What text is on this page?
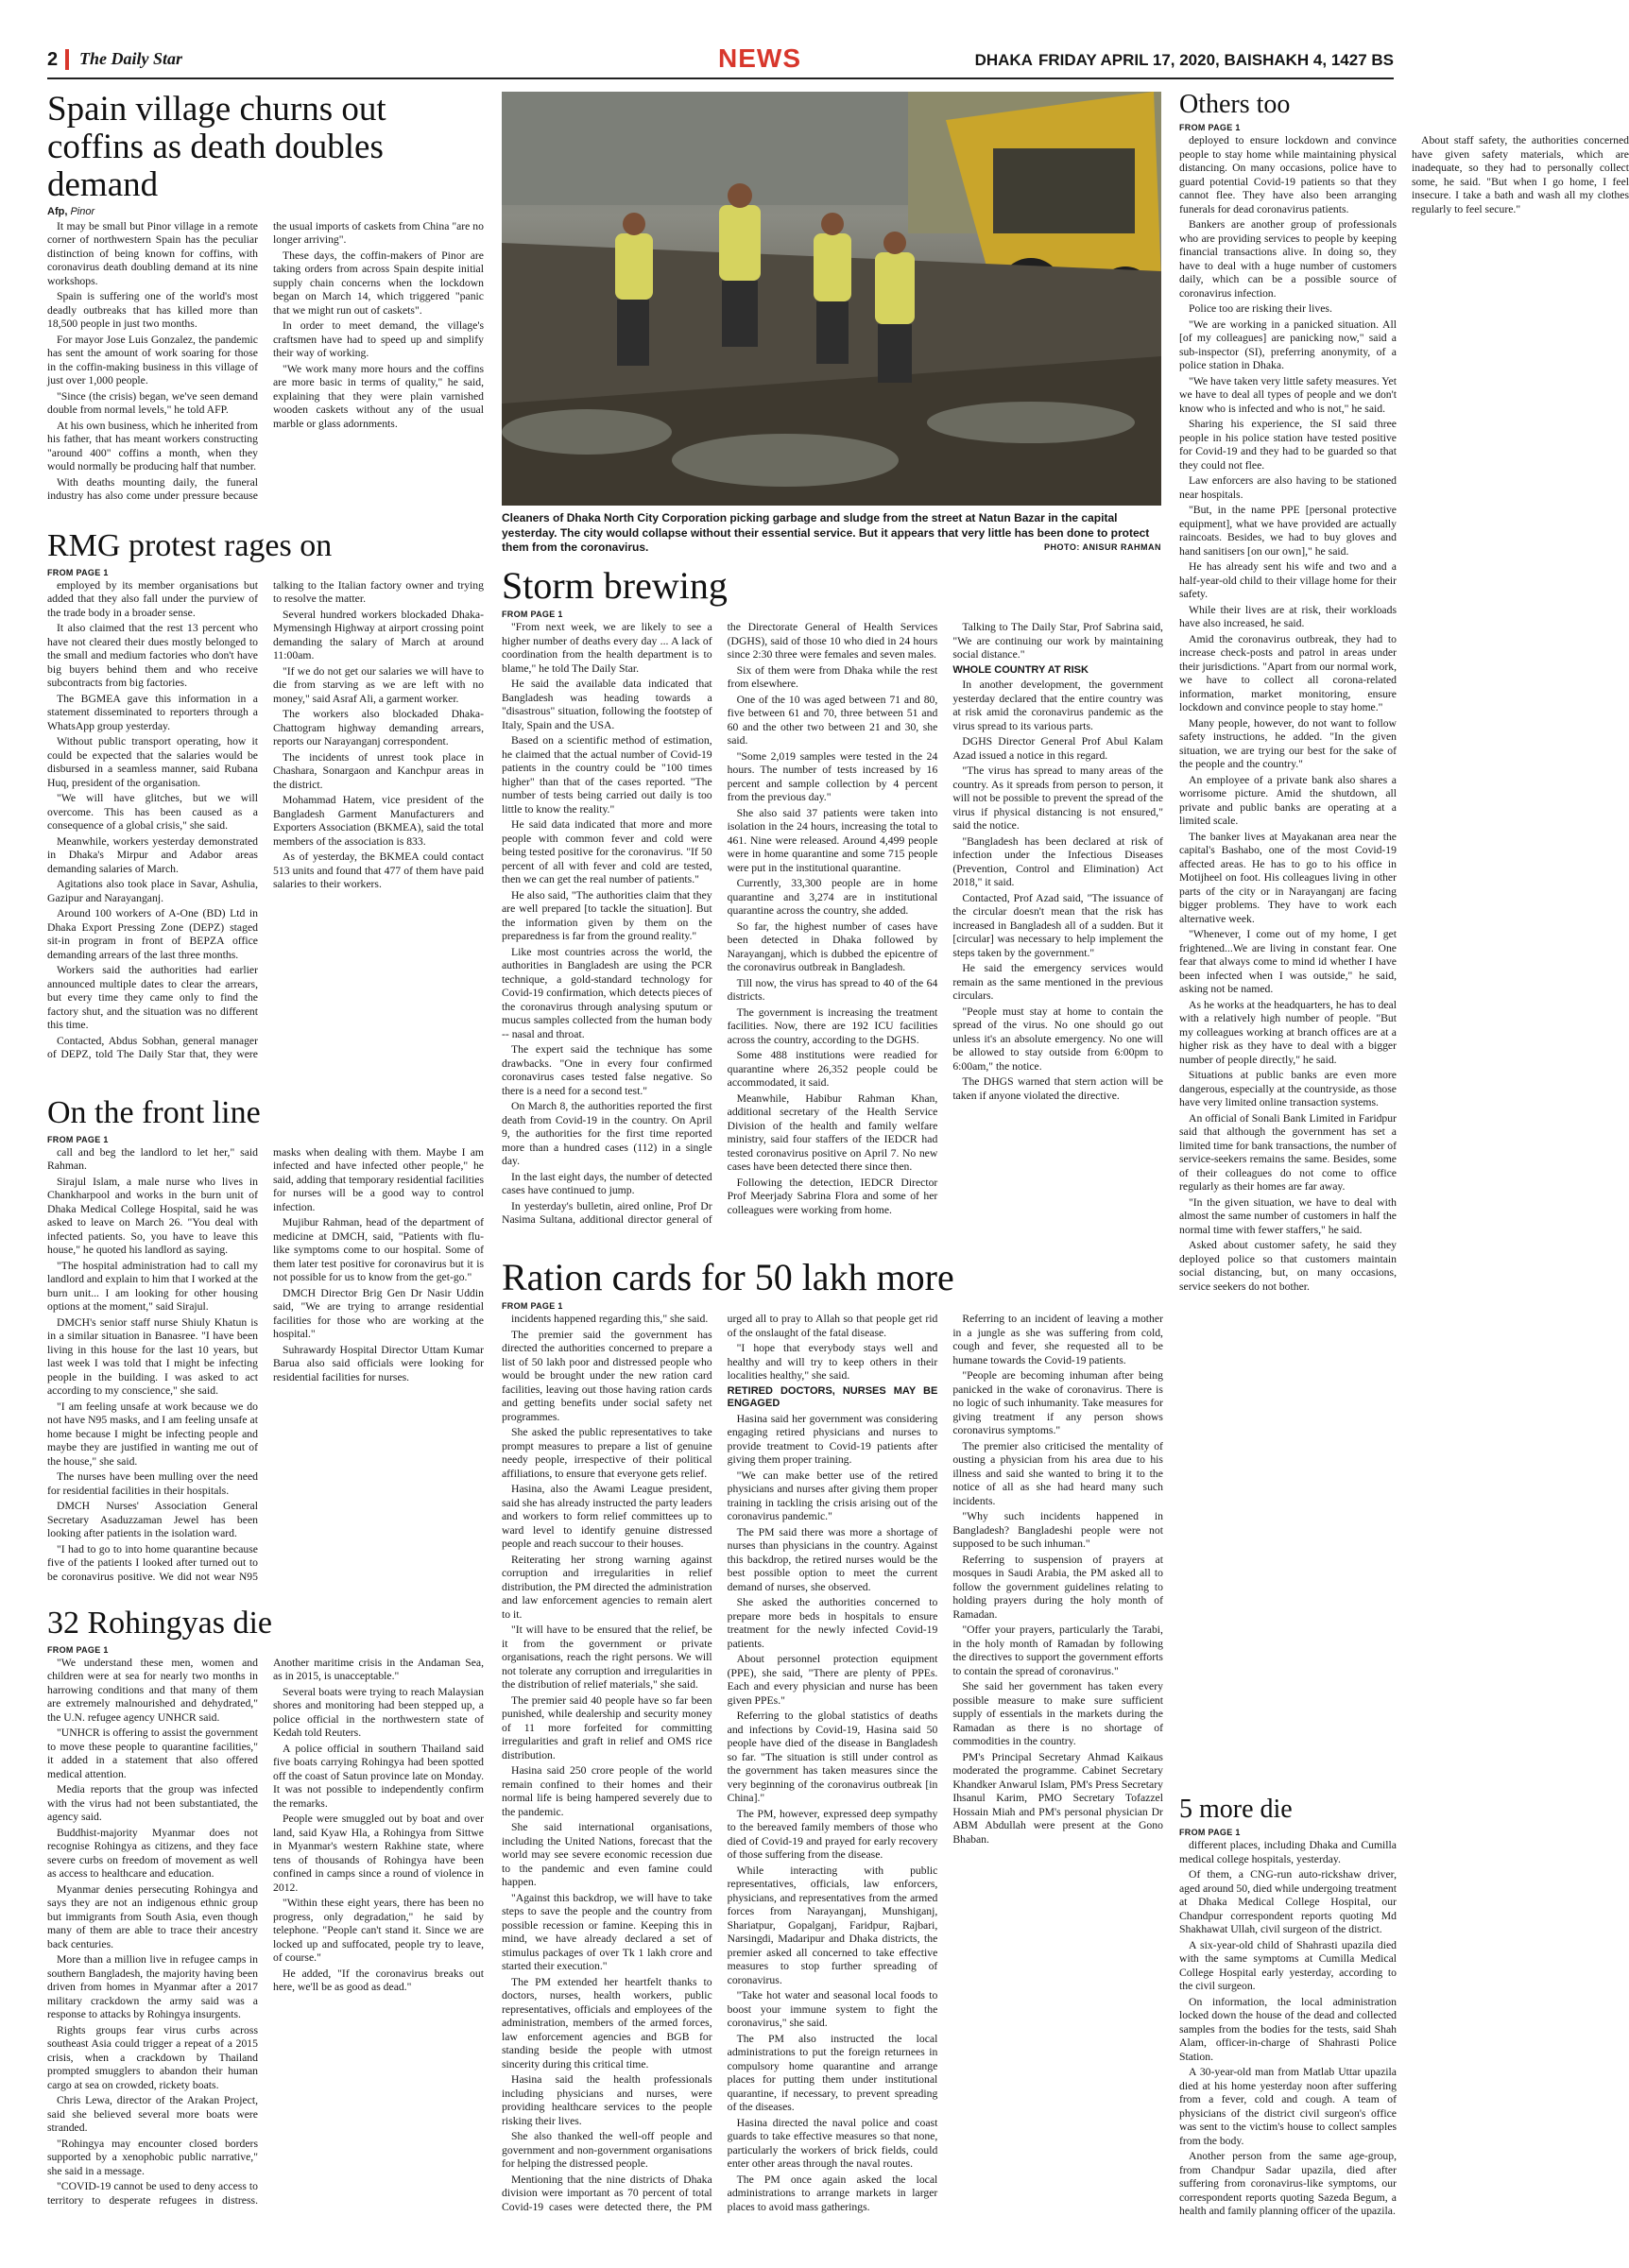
2 The Daily Star	NEWS	DHAKA FRIDAY APRIL 17, 2020, BAISHAKH 4, 1427 BS
Spain village churns out coffins as death doubles demand
Afp, Pinor

It may be small but Pinor village in a remote corner of northwestern Spain has the peculiar distinction of being known for coffins, with coronavirus death doubling demand at its nine workshops.

Spain is suffering one of the world's most deadly outbreaks that has killed more than 18,500 people in just two months.

For mayor Jose Luis Gonzalez, the pandemic has sent the amount of work soaring for those in the coffin-making business in this village of just over 1,000 people.

"Since (the crisis) began, we've seen demand double from normal levels," he told AFP.

At his own business, which he inherited from his father, that has meant workers constructing "around 400" coffins a month, when they would normally be producing half that number.

With deaths mounting daily, the funeral industry has also come under pressure because the usual imports of caskets from China "are no longer arriving".

These days, the coffin-makers of Pinor are taking orders from across Spain despite initial supply chain concerns when the lockdown began on March 14, which triggered "panic that we might run out of caskets".

In order to meet demand, the village's craftsmen have had to speed up and simplify their way of working.

"We work many more hours and the coffins are more basic in terms of quality," he said, explaining that they were plain varnished wooden caskets without any of the usual marble or glass adornments.

Cleaners of Dhaka North City Corporation picking garbage and sludge from the street at Natun Bazar in the capital yesterday. The city would collapse without their essential service. But it appears that very little has been done to protect them from the coronavirus.	PHOTO: ANISUR RAHMAN
Others too
FROM PAGE 1

deployed to ensure lockdown and convince people to stay home while maintaining physical distancing. On many occasions, police have to guard potential Covid-19 patients so that they cannot flee. They have also been arranging funerals for dead coronavirus patients.

Bankers are another group of professionals who are providing services to people by keeping financial transactions alive. In doing so, they have to deal with a huge number of customers daily, which can be a possible source of coronavirus infection.

Police too are risking their lives.

"We are working in a panicked situation. All [of my colleagues] are panicking now," said a sub-inspector (SI), preferring anonymity, of a police station in Dhaka.

"We have taken very little safety measures. Yet we have to deal all types of people and we don't know who is infected and who is not," he said.

Sharing his experience, the SI said three people in his police station have tested positive for Covid-19 and they had to be guarded so that they could not flee.

Law enforcers are also having to be stationed near hospitals.

"But, in the name PPE [personal protective equipment], what we have provided are actually raincoats. Besides, we had to buy gloves and hand sanitisers [on our own]," he said.

He has already sent his wife and two and a half-year-old child to their village home for their safety.

While their lives are at risk, their workloads have also increased, he said.

Amid the coronavirus outbreak, they had to increase check-posts and patrol in areas under their jurisdictions. "Apart from our normal work, we have to collect all corona-related information, market monitoring, ensure lockdown and convince people to stay home."

Many people, however, do not want to follow safety instructions, he added. "In the given situation, we are trying our best for the sake of the people and the country."

An employee of a private bank also shares a worrisome picture. Amid the shutdown, all private and public banks are operating at a limited scale.

The banker lives at Mayakanan area near the capital's Bashabo, one of the most Covid-19 affected areas. He has to go to his office in Motijheel on foot. His colleagues living in other parts of the city or in Narayanganj are facing bigger problems. They have to work each alternative week.

"Whenever, I come out of my home, I get frightened...We are living in constant fear. One fear that always come to mind id whether I have been infected when I was outside," he said, asking not be named.

As he works at the headquarters, he has to deal with a relatively high number of people. "But my colleagues working at branch offices are at a higher risk as they have to deal with a bigger number of people directly," he said.

Situations at public banks are even more dangerous, especially at the countryside, as those have very limited online transaction systems.

An official of Sonali Bank Limited in Faridpur said that although the government has set a limited time for bank transactions, the number of service-seekers remains the same. Besides, some of their colleagues do not come to office regularly as their homes are far away.

"In the given situation, we have to deal with almost the same number of customers in half the normal time with fewer staffers," he said.

Asked about customer safety, he said they deployed police so that customers maintain social distancing, but, on many occasions, service seekers do not bother.

About staff safety, the authorities concerned have given safety materials, which are inadequate, so they had to personally collect some, he said. "But when I go home, I feel insecure. I take a bath and wash all my clothes regularly to feel secure."

RMG protest rages on
FROM PAGE 1

employed by its member organisations but added that they also fall under the purview of the trade body in a broader sense.

It also claimed that the rest 13 percent who have not cleared their dues mostly belonged to the small and medium factories who don't have big buyers behind them and who receive subcontracts from big factories.

The BGMEA gave this information in a statement disseminated to reporters through a WhatsApp group yesterday.

Without public transport operating, how it could be expected that the salaries would be disbursed in a seamless manner, said Rubana Huq, president of the organisation.

"We will have glitches, but we will overcome. This has been caused as a consequence of a global crisis," she said.

Meanwhile, workers yesterday demonstrated in Dhaka's Mirpur and Adabor areas demanding salaries of March.

Agitations also took place in Savar, Ashulia, Gazipur and Narayanganj.

Around 100 workers of A-One (BD) Ltd in Dhaka Export Pressing Zone (DEPZ) staged sit-in program in front of BEPZA office demanding arrears of the last three months.

Workers said the authorities had earlier announced multiple dates to clear the arrears, but every time they came only to find the factory shut, and the situation was no different this time.

Contacted, Abdus Sobhan, general manager of DEPZ, told The Daily Star that, they were talking to the Italian factory owner and trying to resolve the matter.

Several hundred workers blockaded Dhaka-Mymensingh Highway at airport crossing point demanding the salary of March at around 11:00am.

"If we do not get our salaries we will have to die from starving as we are left with no money," said Asraf Ali, a garment worker.

The workers also blockaded Dhaka-Chattogram highway demanding arrears, reports our Narayanganj correspondent.

The incidents of unrest took place in Chashara, Sonargaon and Kanchpur areas in the district.

Mohammad Hatem, vice president of the Bangladesh Garment Manufacturers and Exporters Association (BKMEA), said the total members of the association is 833.

As of yesterday, the BKMEA could contact 513 units and found that 477 of them have paid salaries to their workers.

Storm brewing
FROM PAGE 1

"From next week, we are likely to see a higher number of deaths every day ... A lack of coordination from the health department is to blame," he told The Daily Star.

He said the available data indicated that Bangladesh was heading towards a "disastrous" situation, following the footstep of Italy, Spain and the USA.

Based on a scientific method of estimation, he claimed that the actual number of Covid-19 patients in the country could be "100 times higher" than that of the cases reported. "The number of tests being carried out daily is too little to know the reality."

He said data indicated that more and more people with common fever and cold were being tested positive for the coronavirus. "If 50 percent of all with fever and cold are tested, then we can get the real number of patients."

He also said, "The authorities claim that they are well prepared [to tackle the situation]. But the information given by them on the preparedness is far from the ground reality."

Like most countries across the world, the authorities in Bangladesh are using the PCR technique, a gold-standard technology for Covid-19 confirmation, which detects pieces of the coronavirus through analysing sputum or mucus samples collected from the human body -- nasal and throat.

The expert said the technique has some drawbacks. "One in every four confirmed coronavirus cases tested false negative. So there is a need for a second test."

On March 8, the authorities reported the first death from Covid-19 in the country. On April 9, the authorities for the first time reported more than a hundred cases (112) in a single day.

In the last eight days, the number of detected cases have continued to jump.

In yesterday's bulletin, aired online, Prof Dr Nasima Sultana, additional director general of the Directorate General of Health Services (DGHS), said of those 10 who died in 24 hours since 2:30 three were females and seven males.

Six of them were from Dhaka while the rest from elsewhere.

One of the 10 was aged between 71 and 80, five between 61 and 70, three between 51 and 60 and the other two between 21 and 30, she said.

"Some 2,019 samples were tested in the 24 hours. The number of tests increased by 16 percent and sample collection by 4 percent from the previous day."

She also said 37 patients were taken into isolation in the 24 hours, increasing the total to 461. Nine were released. Around 4,499 people were in home quarantine and some 715 people were put in the institutional quarantine.

Currently, 33,300 people are in home quarantine and 3,274 are in institutional quarantine across the country, she added.

So far, the highest number of cases have been detected in Dhaka followed by Narayanganj, which is dubbed the epicentre of the coronavirus outbreak in Bangladesh.

Till now, the virus has spread to 40 of the 64 districts.

The government is increasing the treatment facilities. Now, there are 192 ICU facilities across the country, according to the DGHS.

Some 488 institutions were readied for quarantine where 26,352 people could be accommodated, it said.

Meanwhile, Habibur Rahman Khan, additional secretary of the Health Service Division of the health and family welfare ministry, said four staffers of the IEDCR had tested coronavirus positive on April 7. No new cases have been detected there since then.

Following the detection, IEDCR Director Prof Meerjady Sabrina Flora and some of her colleagues were working from home.

Talking to The Daily Star, Prof Sabrina said, "We are continuing our work by maintaining social distance."

WHOLE COUNTRY AT RISK

In another development, the government yesterday declared that the entire country was at risk amid the coronavirus pandemic as the virus spread to its various parts.

DGHS Director General Prof Abul Kalam Azad issued a notice in this regard.

"The virus has spread to many areas of the country. As it spreads from person to person, it will not be possible to prevent the spread of the virus if physical distancing is not ensured," said the notice.

"Bangladesh has been declared at risk of infection under the Infectious Diseases (Prevention, Control and Elimination) Act 2018," it said.

Contacted, Prof Azad said, "The issuance of the circular doesn't mean that the risk has increased in Bangladesh all of a sudden. But it [circular] was necessary to help implement the steps taken by the government."

He said the emergency services would remain as the same mentioned in the previous circulars.

"People must stay at home to contain the spread of the virus. No one should go out unless it's an absolute emergency. No one will be allowed to stay outside from 6:00pm to 6:00am," the notice.

The DHGS warned that stern action will be taken if anyone violated the directive.

On the front line
FROM PAGE 1

call and beg the landlord to let her," said Rahman.

Sirajul Islam, a male nurse who lives in Chankharpool and works in the burn unit of Dhaka Medical College Hospital, said he was asked to leave on March 26. "You deal with infected patients. So, you have to leave this house," he quoted his landlord as saying.

"The hospital administration had to call my landlord and explain to him that I worked at the burn unit... I am looking for other housing options at the moment," said Sirajul.

DMCH's senior staff nurse Shiuly Khatun is in a similar situation in Banasree. "I have been living in this house for the last 10 years, but last week I was told that I might be infecting people in the building. I was asked to act according to my conscience," she said.

"I am feeling unsafe at work because we do not have N95 masks, and I am feeling unsafe at home because I might be infecting people and maybe they are justified in wanting me out of the house," she said.

The nurses have been mulling over the need for residential facilities in their hospitals.

DMCH Nurses' Association General Secretary Asaduzzaman Jewel has been looking after patients in the isolation ward.

"I had to go to into home quarantine because five of the patients I looked after turned out to be coronavirus positive. We did not wear N95 masks when dealing with them. Maybe I am infected and have infected other people," he said, adding that temporary residential facilities for nurses will be a good way to control infection.

Mujibur Rahman, head of the department of medicine at DMCH, said, "Patients with flu-like symptoms come to our hospital. Some of them later test positive for coronavirus but it is not possible for us to know from the get-go."

DMCH Director Brig Gen Dr Nasir Uddin said, "We are trying to arrange residential facilities for those who are working at the hospital."

Suhrawardy Hospital Director Uttam Kumar Barua also said officials were looking for residential facilities for nurses.

Ration cards for 50 lakh more
FROM PAGE 1

incidents happened regarding this," she said.

The premier said the government has directed the authorities concerned to prepare a list of 50 lakh poor and distressed people who would be brought under the new ration card facilities, leaving out those having ration cards and getting benefits under social safety net programmes.

She asked the public representatives to take prompt measures to prepare a list of genuine needy people, irrespective of their political affiliations, to ensure that everyone gets relief.

Hasina, also the Awami League president, said she has already instructed the party leaders and workers to form relief committees up to ward level to identify genuine distressed people and reach succour to their houses.

Reiterating her strong warning against corruption and irregularities in relief distribution, the PM directed the administration and law enforcement agencies to remain alert to it.

"It will have to be ensured that the relief, be it from the government or private organisations, reach the right persons. We will not tolerate any corruption and irregularities in the distribution of relief materials," she said.

The premier said 40 people have so far been punished, while dealership and security money of 11 more forfeited for committing irregularities and graft in relief and OMS rice distribution.

Hasina said 250 crore people of the world remain confined to their homes and their normal life is being hampered severely due to the pandemic.

She said international organisations, including the United Nations, forecast that the world may see severe economic recession due to the pandemic and even famine could happen.

"Against this backdrop, we will have to take steps to save the people and the country from possible recession or famine. Keeping this in mind, we have already declared a set of stimulus packages of over Tk 1 lakh crore and started their execution."

The PM extended her heartfelt thanks to doctors, nurses, health workers, public representatives, officials and employees of the administration, members of the armed forces, law enforcement agencies and BGB for standing beside the people with utmost sincerity during this critical time.

Hasina said the health professionals including physicians and nurses, were providing healthcare services to the people risking their lives.

She also thanked the well-off people and government and non-government organisations for helping the distressed people.

Mentioning that the nine districts of Dhaka division were important as 70 percent of total Covid-19 cases were detected there, the PM urged all to pray to Allah so that people get rid of the onslaught of the fatal disease.

"I hope that everybody stays well and healthy and will try to keep others in their localities healthy," she said.

RETIRED DOCTORS, NURSES MAY BE ENGAGED

Hasina said her government was considering engaging retired physicians and nurses to provide treatment to Covid-19 patients after giving them proper training.

"We can make better use of the retired physicians and nurses after giving them proper training in tackling the crisis arising out of the coronavirus pandemic."

The PM said there was more a shortage of nurses than physicians in the country. Against this backdrop, the retired nurses would be the best possible option to meet the current demand of nurses, she observed.

She asked the authorities concerned to prepare more beds in hospitals to ensure treatment for the newly infected Covid-19 patients.

About personnel protection equipment (PPE), she said, "There are plenty of PPEs. Each and every physician and nurse has been given PPEs."

Referring to the global statistics of deaths and infections by Covid-19, Hasina said 50 people have died of the disease in Bangladesh so far. "The situation is still under control as the government has taken measures since the very beginning of the coronavirus outbreak [in China]."

The PM, however, expressed deep sympathy to the bereaved family members of those who died of Covid-19 and prayed for early recovery of those suffering from the disease.

While interacting with public representatives, officials, law enforcers, physicians, and representatives from the armed forces from Narayanganj, Munshiganj, Shariatpur, Gopalganj, Faridpur, Rajbari, Narsingdi, Madaripur and Dhaka districts, the premier asked all concerned to take effective measures to stop further spreading of coronavirus.

"Take hot water and seasonal local foods to boost your immune system to fight the coronavirus," she said.

The PM also instructed the local administrations to put the foreign returnees in compulsory home quarantine and arrange places for putting them under institutional quarantine, if necessary, to prevent spreading of the diseases.

Hasina directed the naval police and coast guards to take effective measures so that none, particularly the workers of brick fields, could enter other areas through the naval routes.

The PM once again asked the local administrations to arrange markets in larger places to avoid mass gatherings.

Referring to an incident of leaving a mother in a jungle as she was suffering from cold, cough and fever, she requested all to be humane towards the Covid-19 patients.

"People are becoming inhuman after being panicked in the wake of coronavirus. There is no logic of such inhumanity. Take measures for giving treatment if any person shows coronavirus symptoms."

The premier also criticised the mentality of ousting a physician from his area due to his illness and said she wanted to bring it to the notice of all as she had heard many such incidents.

"Why such incidents happened in Bangladesh? Bangladeshi people were not supposed to be such inhuman."

Referring to suspension of prayers at mosques in Saudi Arabia, the PM asked all to follow the government guidelines relating to holding prayers during the holy month of Ramadan.

"Offer your prayers, particularly the Tarabi, in the holy month of Ramadan by following the directives to support the government efforts to contain the spread of coronavirus."

She said her government has taken every possible measure to make sure sufficient supply of essentials in the markets during the Ramadan as there is no shortage of commodities in the country.

PM's Principal Secretary Ahmad Kaikaus moderated the programme. Cabinet Secretary Khandker Anwarul Islam, PM's Press Secretary Ihsanul Karim, PMO Secretary Tofazzel Hossain Miah and PM's personal physician Dr ABM Abdullah were present at the Gono Bhaban.

32 Rohingyas die
FROM PAGE 1

"We understand these men, women and children were at sea for nearly two months in harrowing conditions and that many of them are extremely malnourished and dehydrated," the U.N. refugee agency UNHCR said.

"UNHCR is offering to assist the government to move these people to quarantine facilities," it added in a statement that also offered medical attention.

Media reports that the group was infected with the virus had not been substantiated, the agency said.

Buddhist-majority Myanmar does not recognise Rohingya as citizens, and they face severe curbs on freedom of movement as well as access to healthcare and education.

Myanmar denies persecuting Rohingya and says they are not an indigenous ethnic group but immigrants from South Asia, even though many of them are able to trace their ancestry back centuries.

More than a million live in refugee camps in southern Bangladesh, the majority having been driven from homes in Myanmar after a 2017 military crackdown the army said was a response to attacks by Rohingya insurgents.

Rights groups fear virus curbs across southeast Asia could trigger a repeat of a 2015 crisis, when a crackdown by Thailand prompted smugglers to abandon their human cargo at sea on crowded, rickety boats.

Chris Lewa, director of the Arakan Project, said she believed several more boats were stranded.

"Rohingya may encounter closed borders supported by a xenophobic public narrative," she said in a message.

"COVID-19 cannot be used to deny access to territory to desperate refugees in distress. Another maritime crisis in the Andaman Sea, as in 2015, is unacceptable."

Several boats were trying to reach Malaysian shores and monitoring had been stepped up, a police official in the northwestern state of Kedah told Reuters.

A police official in southern Thailand said five boats carrying Rohingya had been spotted off the coast of Satun province late on Monday. It was not possible to independently confirm the remarks.

People were smuggled out by boat and over land, said Kyaw Hla, a Rohingya from Sittwe in Myanmar's western Rakhine state, where tens of thousands of Rohingya have been confined in camps since a round of violence in 2012.

"Within these eight years, there has been no progress, only degradation," he said by telephone. "People can't stand it. Since we are locked up and suffocated, people try to leave, of course."

He added, "If the coronavirus breaks out here, we'll be as good as dead."

5 more die
FROM PAGE 1

different places, including Dhaka and Cumilla medical college hospitals, yesterday.

Of them, a CNG-run auto-rickshaw driver, aged around 50, died while undergoing treatment at Dhaka Medical College Hospital, our Chandpur correspondent reports quoting Md Shakhawat Ullah, civil surgeon of the district.

A six-year-old child of Shahrasti upazila died with the same symptoms at Cumilla Medical College Hospital early yesterday, according to the civil surgeon.

On information, the local administration locked down the house of the dead and collected samples from the bodies for the tests, said Shah Alam, officer-in-charge of Shahrasti Police Station.

A 30-year-old man from Matlab Uttar upazila died at his home yesterday noon after suffering from a fever, cold and cough. A team of physicians of the district civil surgeon's office was sent to the victim's house to collect samples from the body.

Another person from the same age-group, from Chandpur Sadar upazila, died after suffering from coronavirus-like symptoms, our correspondent reports quoting Sazeda Begum, a health and family planning officer of the upazila.
